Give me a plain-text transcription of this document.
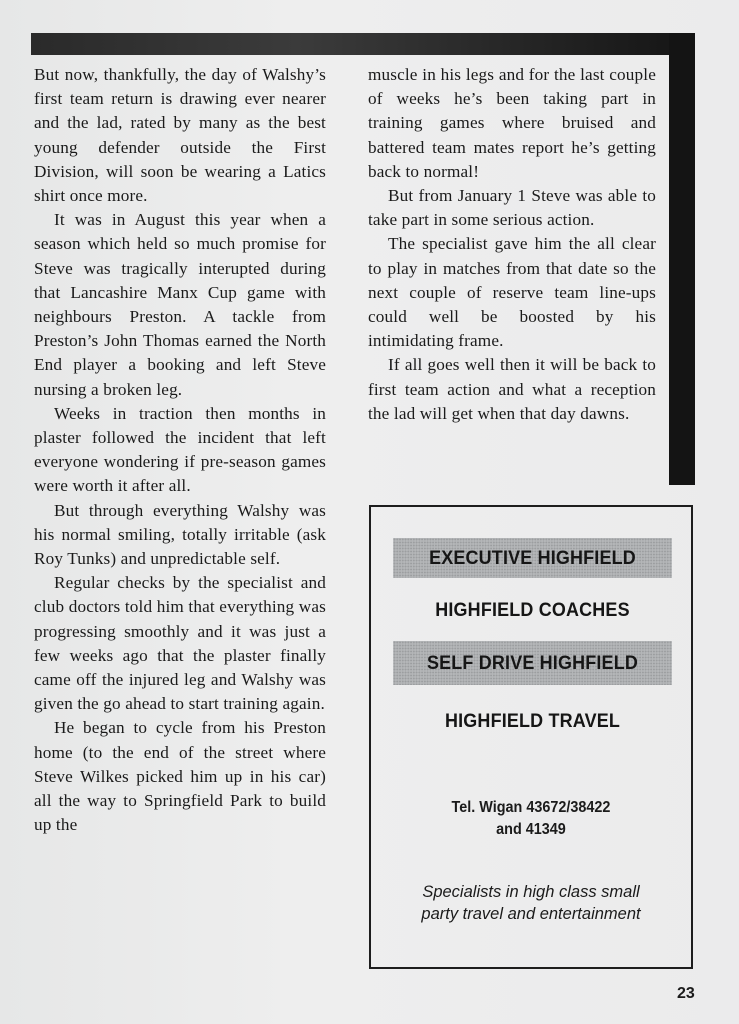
But now, thankfully, the day of Walshy’s first team return is drawing ever nearer and the lad, rated by many as the best young defender outside the First Division, will soon be wearing a Latics shirt once more.

It was in August this year when a season which held so much promise for Steve was tragically interupted during that Lancashire Manx Cup game with neighbours Preston. A tackle from Preston’s John Thomas earned the North End player a booking and left Steve nursing a broken leg.

Weeks in traction then months in plaster followed the incident that left everyone wondering if pre-season games were worth it after all.

But through everything Walshy was his normal smiling, totally irritable (ask Roy Tunks) and unpredictable self.

Regular checks by the specialist and club doctors told him that everything was progressing smoothly and it was just a few weeks ago that the plaster finally came off the injured leg and Walshy was given the go ahead to start training again.

He began to cycle from his Preston home (to the end of the street where Steve Wilkes picked him up in his car) all the way to Springfield Park to build up the

muscle in his legs and for the last couple of weeks he’s been taking part in training games where bruised and battered team mates report he’s getting back to normal!

But from January 1 Steve was able to take part in some serious action.

The specialist gave him the all clear to play in matches from that date so the next couple of reserve team line-ups could well be boosted by his intimidating frame.

If all goes well then it will be back to first team action and what a reception the lad will get when that day dawns.

EXECUTIVE HIGHFIELD
HIGHFIELD COACHES
SELF DRIVE HIGHFIELD
HIGHFIELD TRAVEL
Tel. Wigan 43672/38422
and 41349
Specialists in high class small
party travel and entertainment
23
